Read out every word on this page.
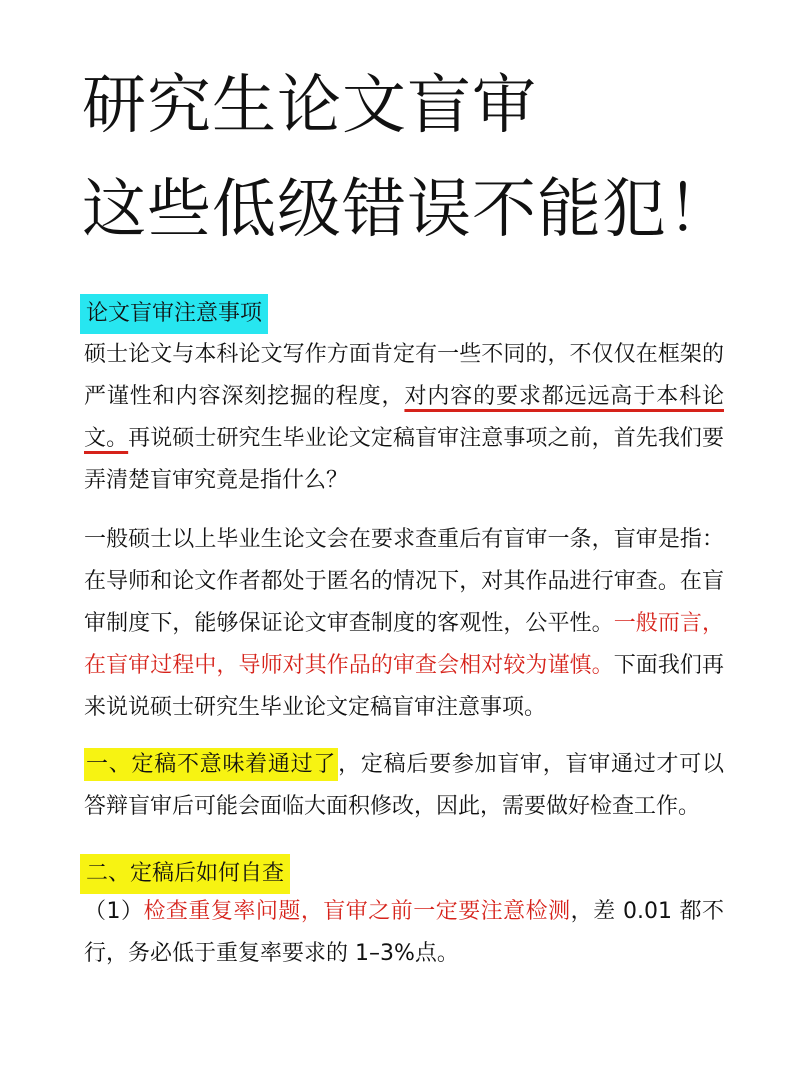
研究生论文盲审
这些低级错误不能犯！
论文盲审注意事项

硕士论文与本科论文写作方面肯定有一些不同的，不仅仅在框架的严谨性和内容深刻挖掘的程度，对内容的要求都远远高于本科论文。再说硕士研究生毕业论文定稿盲审注意事项之前，首先我们要弄清楚盲审究竟是指什么？

一般硕士以上毕业生论文会在要求查重后有盲审一条，盲审是指：在导师和论文作者都处于匿名的情况下，对其作品进行审查。在盲审制度下，能够保证论文审查制度的客观性，公平性。一般而言，在盲审过程中，导师对其作品的审查会相对较为谨慎。下面我们再来说说硕士研究生毕业论文定稿盲审注意事项。

一、定稿不意味着通过了，定稿后要参加盲审，盲审通过才可以答辩盲审后可能会面临大面积修改，因此，需要做好检查工作。

二、定稿后如何自查

（1）检查重复率问题，盲审之前一定要注意检测，差 0.01 都不行，务必低于重复率要求的 1–3%点。
